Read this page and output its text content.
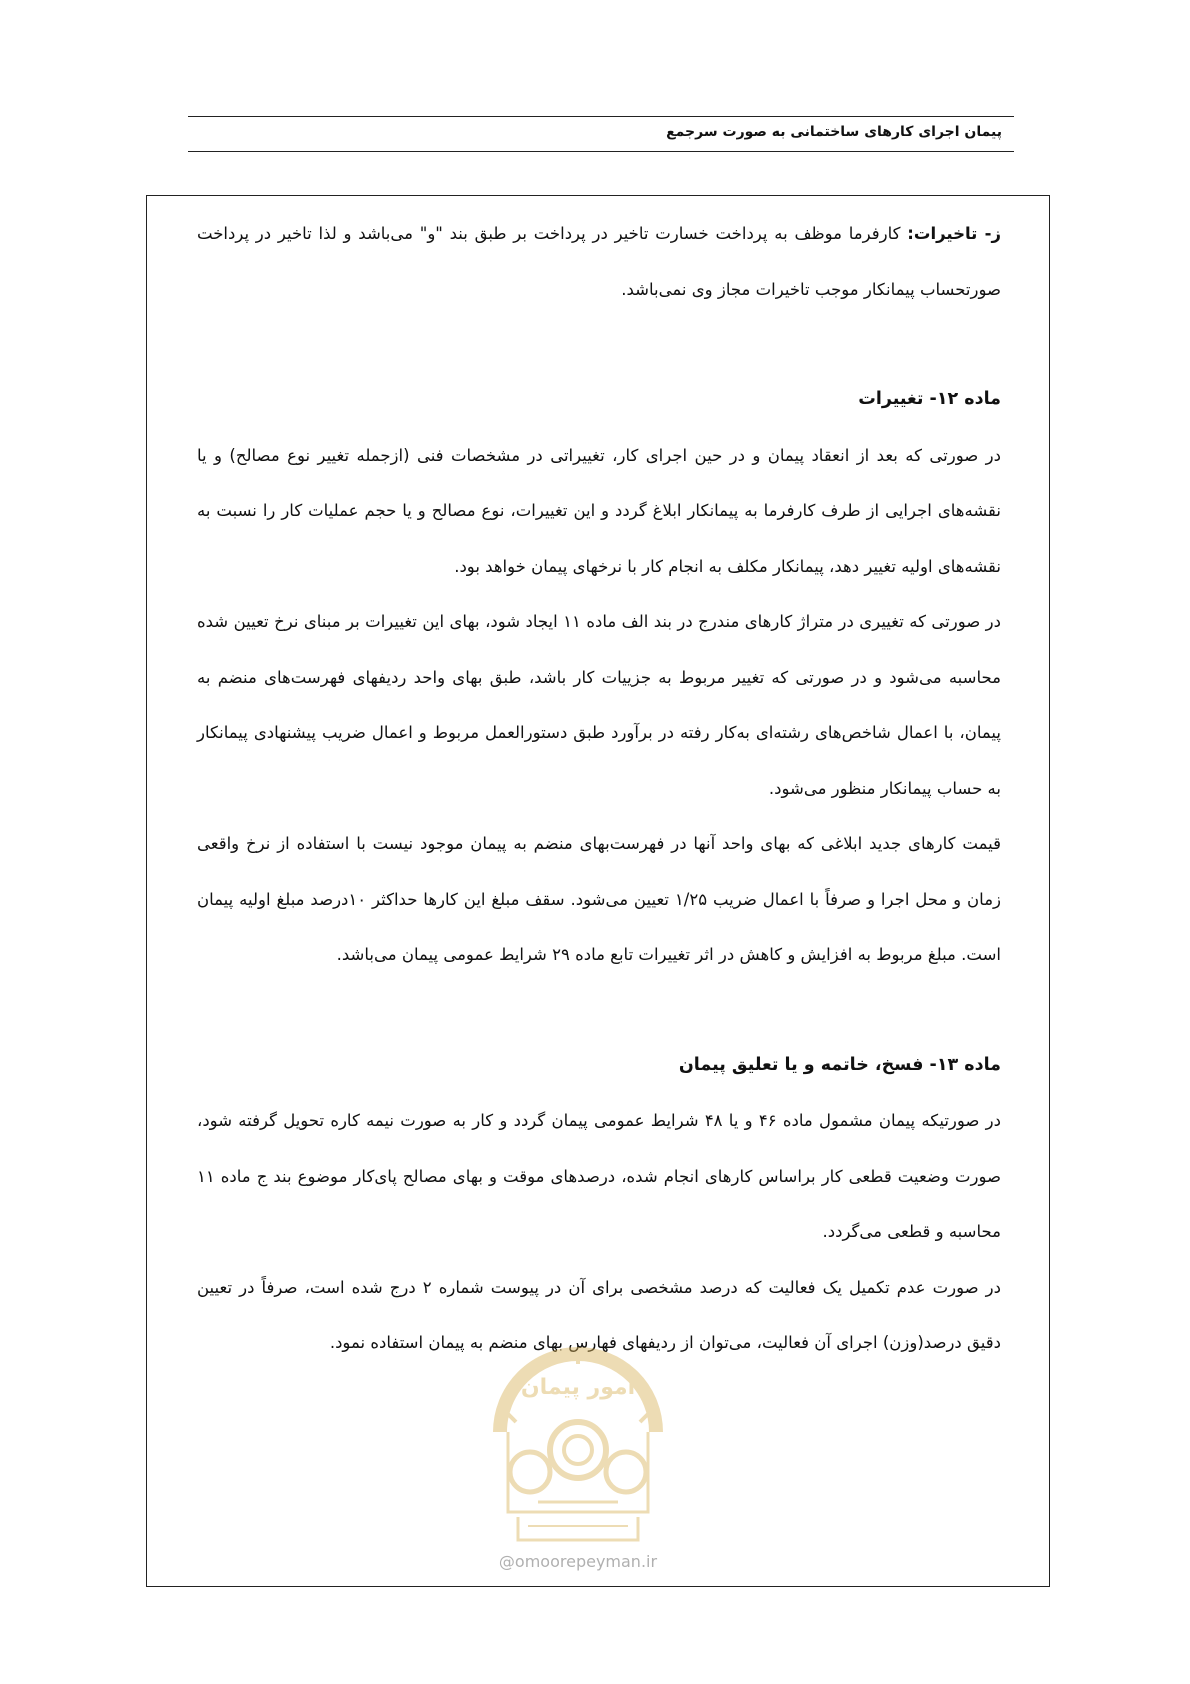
پیمان اجرای کارهای ساختمانی به صورت سرجمع

ز- تاخیرات: کارفرما موظف به پرداخت خسارت تاخیر در پرداخت بر طبق بند "و" می‌باشد و لذا تاخیر در پرداخت صورتحساب پیمانکار موجب تاخیرات مجاز وی نمی‌باشد.

ماده ۱۲- تغییرات

در صورتی که بعد از انعقاد پیمان و در حین اجرای کار، تغییراتی در مشخصات فنی (ازجمله تغییر نوع مصالح) و یا نقشه‌های اجرایی از طرف کارفرما به پیمانکار ابلاغ گردد و این تغییرات، نوع مصالح و یا حجم عملیات کار را نسبت به نقشه‌های اولیه تغییر دهد، پیمانکار مکلف به انجام کار با نرخهای پیمان خواهد بود.

در صورتی که تغییری در متراژ کارهای مندرج در بند الف ماده ۱۱ ایجاد شود، بهای این تغییرات بر مبنای نرخ تعیین شده محاسبه می‌شود و در صورتی که تغییر مربوط به جزییات کار باشد، طبق بهای واحد ردیفهای فهرست‌های منضم به پیمان، با اعمال شاخص‌های رشته‌ای به‌کار رفته در برآورد طبق دستورالعمل مربوط و اعمال ضریب پیشنهادی پیمانکار به حساب پیمانکار منظور می‌شود.

قیمت کارهای جدید ابلاغی که بهای واحد آنها در فهرست‌بهای منضم به پیمان موجود نیست با استفاده از نرخ واقعی زمان و محل اجرا و صرفاً با اعمال ضریب ۱/۲۵ تعیین می‌شود. سقف مبلغ این کارها حداکثر ۱۰درصد مبلغ اولیه پیمان است. مبلغ مربوط به افزایش و کاهش در اثر تغییرات تابع ماده ۲۹ شرایط عمومی پیمان می‌باشد.

ماده ۱۳- فسخ، خاتمه و یا تعلیق پیمان

در صورتیکه پیمان مشمول ماده ۴۶ و یا ۴۸ شرایط عمومی پیمان گردد و کار به صورت نیمه کاره تحویل گرفته شود، صورت وضعیت قطعی کار براساس کارهای انجام شده، درصدهای موقت و بهای مصالح پای‌کار موضوع بند ج ماده ۱۱ محاسبه و قطعی می‌گردد.

در صورت عدم تکمیل یک فعالیت که درصد مشخصی برای آن در پیوست شماره ۲ درج شده است، صرفاً در تعیین دقیق درصد(وزن) اجرای آن فعالیت، می‌توان از ردیفهای فهارس بهای منضم به پیمان استفاده نمود.

امور پیمان
@omoorepeyman.ir
